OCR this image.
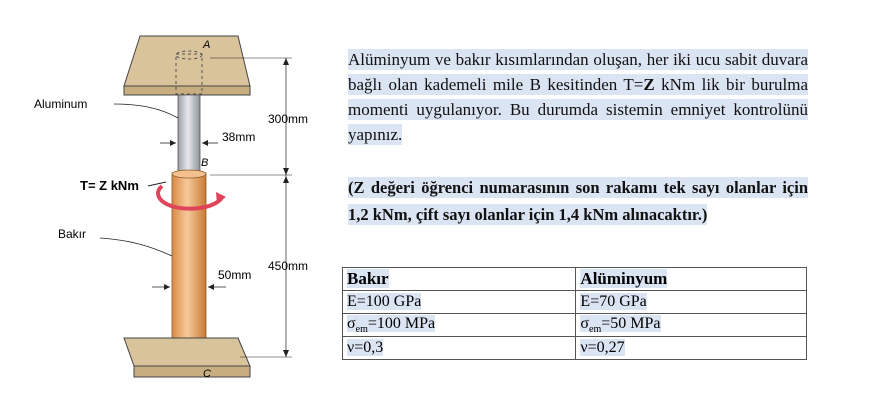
A
B
C
T= Z kNm
Aluminum
Bakır
38mm
50mm
300mm
450mm
Alüminyum ve bakır kısımlarından oluşan, her iki ucu sabit duvara bağlı olan kademeli mile B kesitinden T=Z kNm lik bir burulma momenti uygulanıyor. Bu durumda sistemin emniyet kontrolünü yapınız.
(Z değeri öğrenci numarasının son rakamı tek sayı olanlar için 1,2 kNm, çift sayı olanlar için 1,4 kNm alınacaktır.)
Bakır	Alüminyum
E=100 GPa	E=70 GPa
$\sigma_{em}=100$ MPa	$\sigma_{em}=50$ MPa
ν=0,3	ν=0,27
